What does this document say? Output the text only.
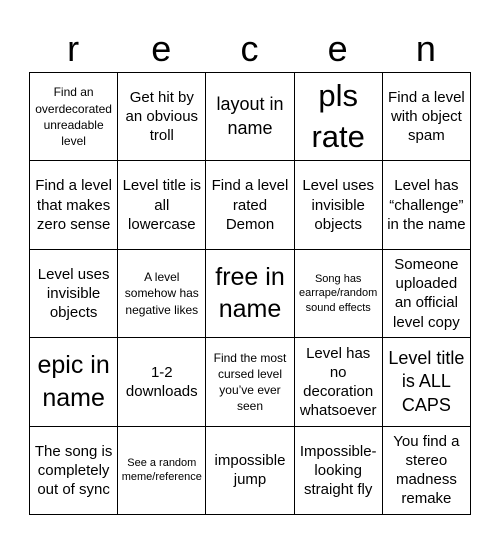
r	e	c	e	n
Find an overdecorated unreadable level
Get hit by an obvious troll
layout in name
pls rate
Find a level with object spam
Find a level that makes zero sense
Level title is all lowercase
Find a level rated Demon
Level uses invisible objects
Level has “challenge” in the name
Level uses invisible objects
A level somehow has negative likes
free in name
Song has earrape/random sound effects
Someone uploaded an official level copy
epic in name
1-2 downloads
Find the most cursed level you’ve ever seen
Level has no decoration whatsoever
Level title is ALL CAPS
The song is completely out of sync
See a random meme/reference
impossible jump
Impossible-looking straight fly
You find a stereo madness remake
